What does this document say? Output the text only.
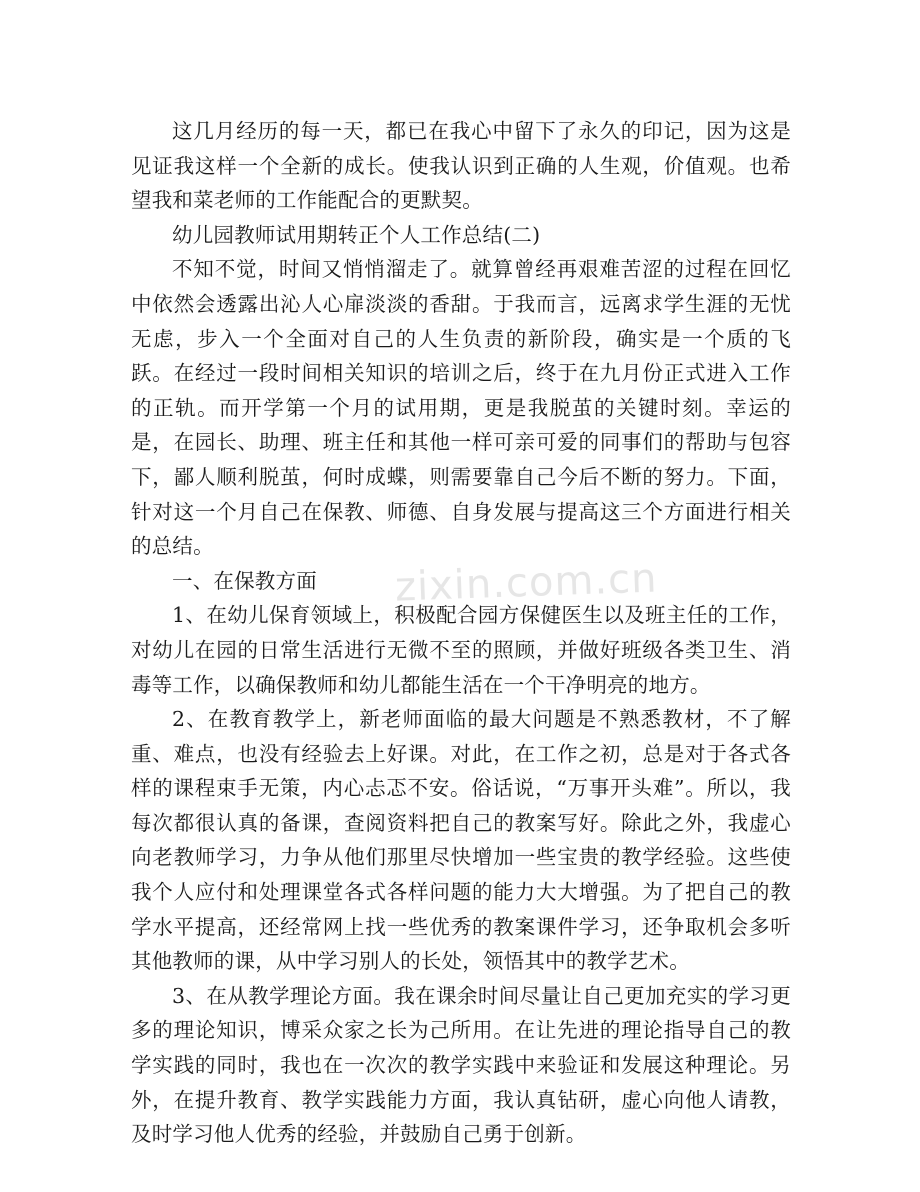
zixin.com.cn

这几月经历的每一天，都已在我心中留下了永久的印记，因为这是见证我这样一个全新的成长。使我认识到正确的人生观，价值观。也希望我和菜老师的工作能配合的更默契。

幼儿园教师试用期转正个人工作总结(二)

不知不觉，时间又悄悄溜走了。就算曾经再艰难苦涩的过程在回忆中依然会透露出沁人心扉淡淡的香甜。于我而言，远离求学生涯的无忧无虑，步入一个全面对自己的人生负责的新阶段，确实是一个质的飞跃。在经过一段时间相关知识的培训之后，终于在九月份正式进入工作的正轨。而开学第一个月的试用期，更是我脱茧的关键时刻。幸运的是，在园长、助理、班主任和其他一样可亲可爱的同事们的帮助与包容下，鄙人顺利脱茧，何时成蝶，则需要靠自己今后不断的努力。下面，针对这一个月自己在保教、师德、自身发展与提高这三个方面进行相关的总结。

一、在保教方面

1、在幼儿保育领域上，积极配合园方保健医生以及班主任的工作，对幼儿在园的日常生活进行无微不至的照顾，并做好班级各类卫生、消毒等工作，以确保教师和幼儿都能生活在一个干净明亮的地方。

2、在教育教学上，新老师面临的最大问题是不熟悉教材，不了解重、难点，也没有经验去上好课。对此，在工作之初，总是对于各式各样的课程束手无策，内心忐忑不安。俗话说，“万事开头难”。所以，我每次都很认真的备课，查阅资料把自己的教案写好。除此之外，我虚心向老教师学习，力争从他们那里尽快增加一些宝贵的教学经验。这些使我个人应付和处理课堂各式各样问题的能力大大增强。为了把自己的教学水平提高，还经常网上找一些优秀的教案课件学习，还争取机会多听其他教师的课，从中学习别人的长处，领悟其中的教学艺术。

3、在从教学理论方面。我在课余时间尽量让自己更加充实的学习更多的理论知识，博采众家之长为己所用。在让先进的理论指导自己的教学实践的同时，我也在一次次的教学实践中来验证和发展这种理论。另外，在提升教育、教学实践能力方面，我认真钻研，虚心向他人请教，及时学习他人优秀的经验，并鼓励自己勇于创新。
